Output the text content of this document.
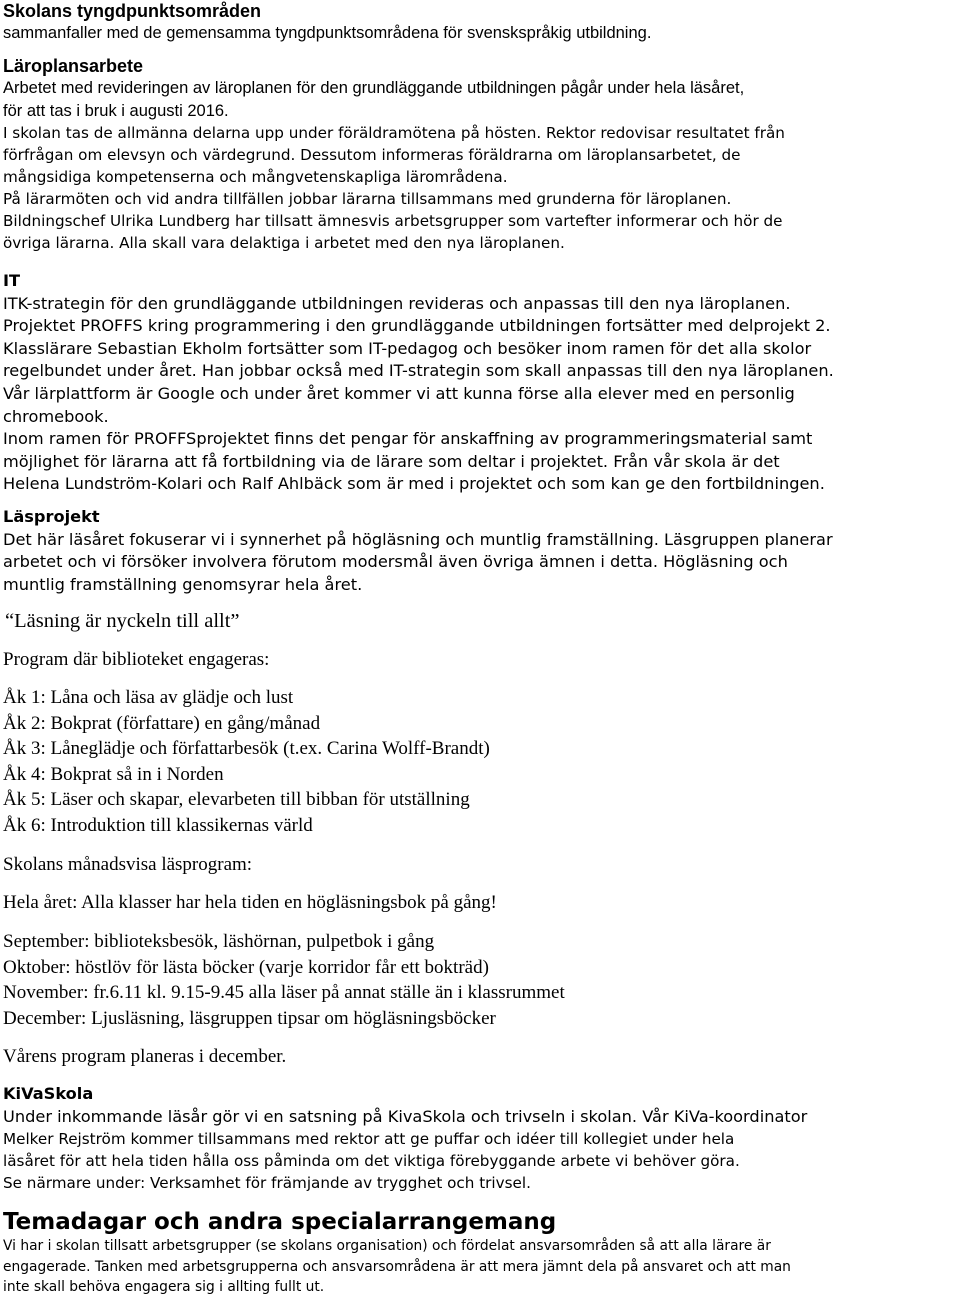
Skolans tyngdpunktsområden

sammanfaller med de gemensamma tyngdpunktsområdena för svenskspråkig utbildning.

Läroplansarbete

Arbetet med revideringen av läroplanen för den grundläggande utbildningen pågår under hela läsåret,

för att tas i bruk i augusti 2016.

I skolan tas de allmänna delarna upp under föräldramötena på hösten. Rektor redovisar resultatet från

förfrågan om elevsyn och värdegrund. Dessutom informeras föräldrarna om läroplansarbetet, de

mångsidiga kompetenserna och mångvetenskapliga lärområdena.

På lärarmöten och vid andra tillfällen jobbar lärarna tillsammans med grunderna för läroplanen.

Bildningschef Ulrika Lundberg har tillsatt ämnesvis arbetsgrupper som vartefter informerar och hör de

övriga lärarna. Alla skall vara delaktiga i arbetet med den nya läroplanen.

IT

ITK-strategin för den grundläggande utbildningen revideras och anpassas till den nya läroplanen.

Projektet PROFFS kring programmering i den grundläggande utbildningen fortsätter med delprojekt 2.

Klasslärare Sebastian Ekholm fortsätter som IT-pedagog och besöker inom ramen för det alla skolor

regelbundet under året. Han jobbar också med IT-strategin som skall anpassas till den nya läroplanen.

Vår lärplattform är Google och under året kommer vi att kunna förse alla elever med en personlig

chromebook.

Inom ramen för PROFFSprojektet finns det pengar för anskaffning av programmeringsmaterial samt

möjlighet för lärarna att få fortbildning via de lärare som deltar i projektet. Från vår skola är det

Helena Lundström-Kolari och Ralf Ahlbäck som är med i projektet och som kan ge den fortbildningen.

Läsprojekt

Det här läsåret fokuserar vi i synnerhet på högläsning och muntlig framställning. Läsgruppen planerar

arbetet och vi försöker involvera förutom modersmål även övriga ämnen i detta. Högläsning och

muntlig framställning genomsyrar hela året.

“Läsning är nyckeln till allt”

Program där biblioteket engageras:

Åk 1: Låna och läsa av glädje och lust

Åk 2: Bokprat (författare) en gång/månad

Åk 3: Låneglädje och författarbesök (t.ex. Carina Wolff-Brandt)

Åk 4: Bokprat så in i Norden

Åk 5: Läser och skapar, elevarbeten till bibban för utställning

Åk 6: Introduktion till klassikernas värld

Skolans månadsvisa läsprogram:

Hela året: Alla klasser har hela tiden en högläsningsbok på gång!

September: biblioteksbesök, läshörnan, pulpetbok i gång

Oktober: höstlöv för lästa böcker (varje korridor får ett bokträd)

November: fr.6.11 kl. 9.15-9.45 alla läser på annat ställe än i klassrummet

December: Ljusläsning, läsgruppen tipsar om högläsningsböcker

Vårens program planeras i december.

KiVaSkola

Under inkommande läsår gör vi en satsning på KivaSkola och trivseln i skolan. Vår KiVa-koordinator

Melker Rejström kommer tillsammans med rektor att ge puffar och idéer till kollegiet under hela

läsåret för att hela tiden hålla oss påminda om det viktiga förebyggande arbete vi behöver göra.

Se närmare under: Verksamhet för främjande av trygghet och trivsel.

Temadagar och andra specialarrangemang

Vi har i skolan tillsatt arbetsgrupper (se skolans organisation) och fördelat ansvarsområden så att alla lärare är

engagerade. Tanken med arbetsgrupperna och ansvarsområdena är att mera jämnt dela på ansvaret och att man

inte skall behöva engagera sig i allting fullt ut.
